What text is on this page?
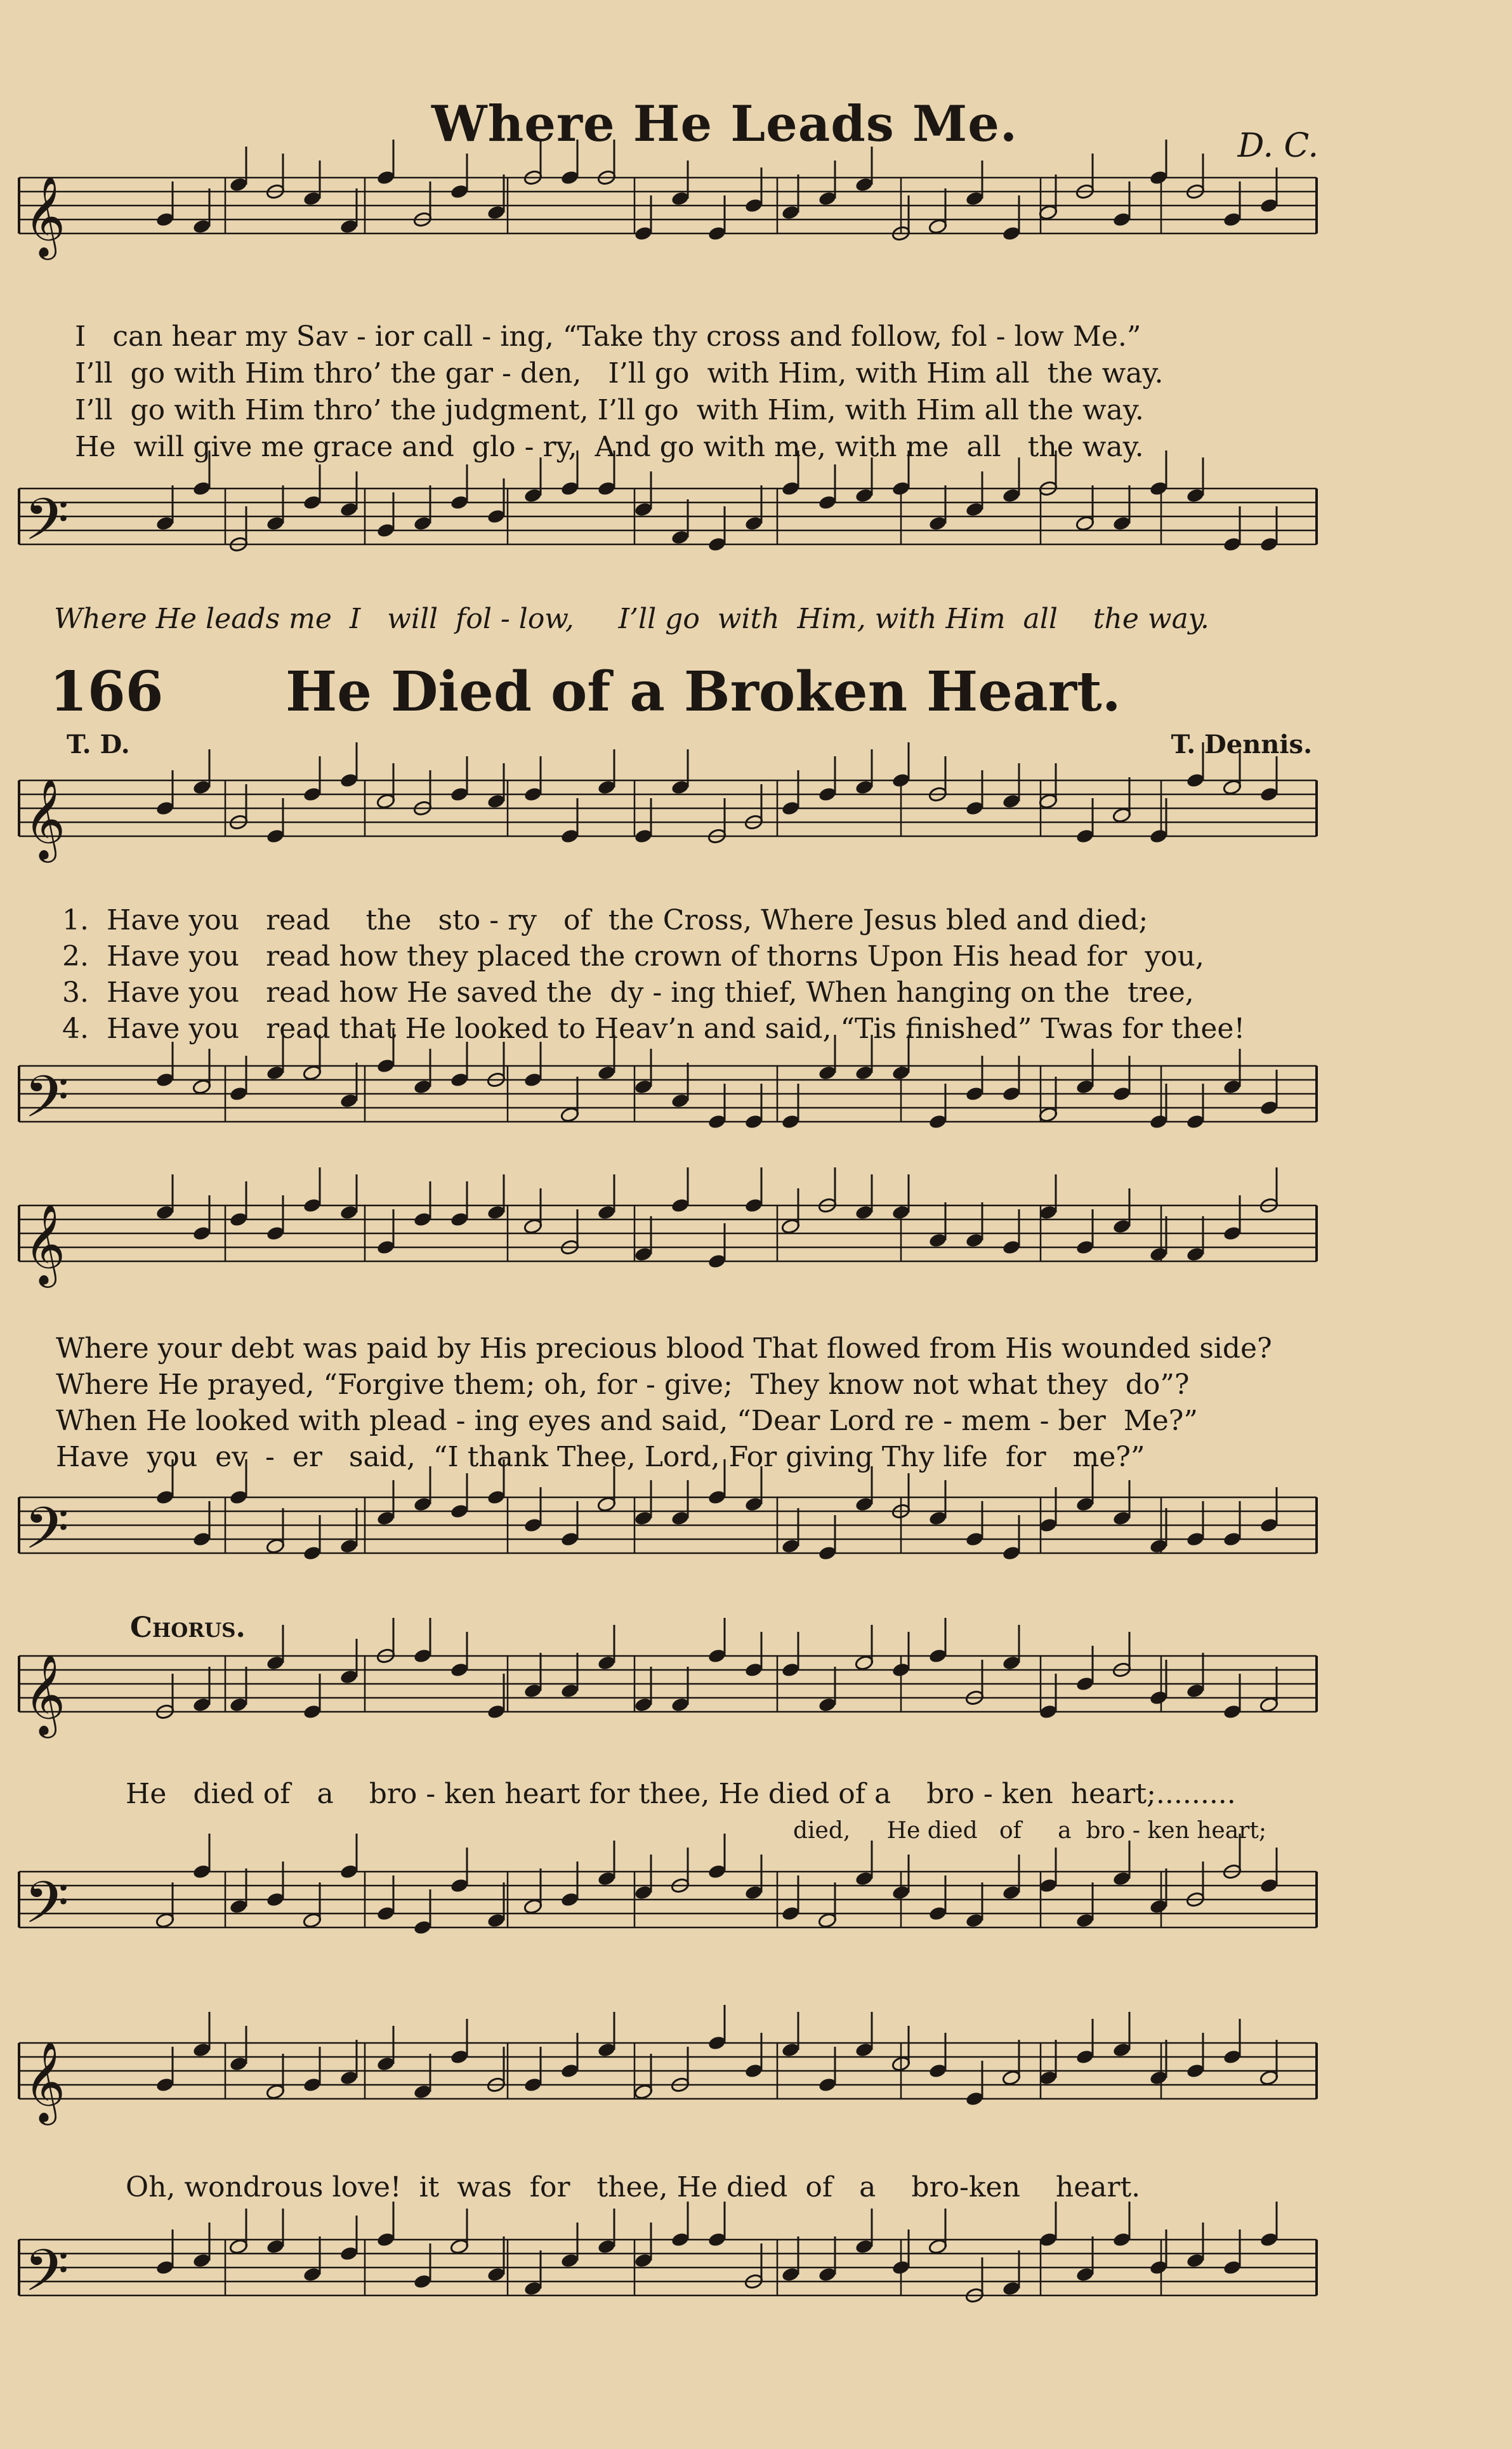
Where He Leads Me.	D. C.
166 He Died of a Broken Heart.
T. D.	T. Dennis.
I   can hear my Sav - ior call - ing, “Take thy cross and follow, fol - low Me.”
I’ll  go with Him thro’ the gar - den,   I’ll go  with Him, with Him all  the way.
I’ll  go with Him thro’ the judgment, I’ll go  with Him, with Him all the way.
He  will give me grace and  glo - ry,  And go with me, with me  all   the way.
Where He leads me  I   will  fol - low,     I’ll go  with  Him, with Him  all    the way.
1.  Have you   read    the   sto - ry   of  the Cross, Where Jesus bled and died;
2.  Have you   read how they placed the crown of thorns Upon His head for  you,
3.  Have you   read how He saved the  dy - ing thief, When hanging on the  tree,
4.  Have you   read that He looked to Heav’n and said, “Tis finished” Twas for thee!
Where your debt was paid by His precious blood That flowed from His wounded side?
Where He prayed, “Forgive them; oh, for - give;  They know not what they  do”?
When He looked with plead - ing eyes and said, “Dear Lord re - mem - ber  Me?”
Have  you  ev  -  er   said,  “I thank Thee, Lord, For giving Thy life  for   me?”
Chorus.
He   died of   a    bro - ken heart for thee, He died of a    bro - ken  heart;.........
died,     He died   of     a  bro - ken heart;
Oh, wondrous love!  it  was  for   thee, He died  of   a    bro-ken    heart.
𝄞
𝄢
𝄞
𝄢
𝄞
𝄢
𝄞
𝄢
𝄞
𝄢
